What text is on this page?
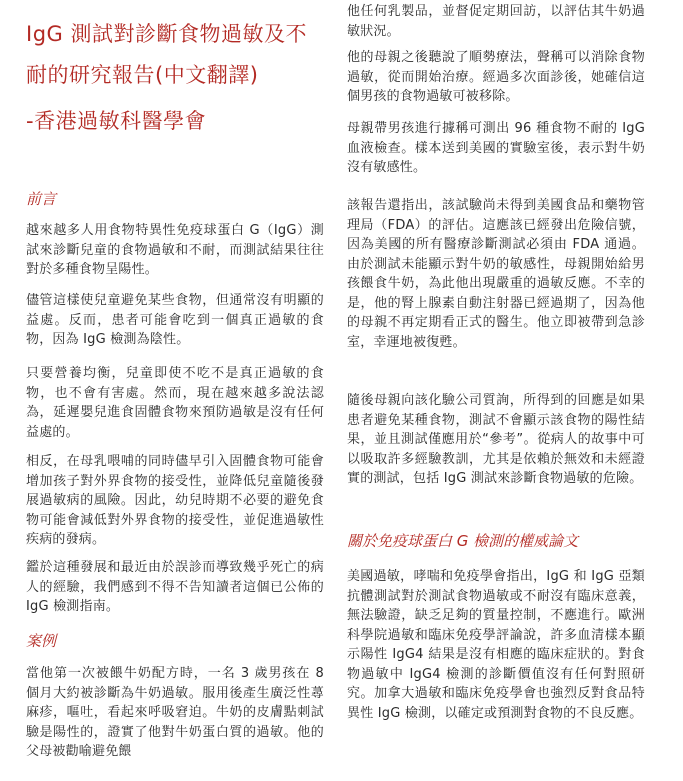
IgG 測試對診斷食物過敏及不
耐的研究報告(中文翻譯)
-香港過敏科醫學會
前言

越來越多人用食物特異性免疫球蛋白 G（IgG）測試來診斷兒童的食物過敏和不耐，而測試結果往往對於多種食物呈陽性。

儘管這樣使兒童避免某些食物，但通常沒有明顯的益處。反而，患者可能會吃到一個真正過敏的食物，因為 IgG 檢測為陰性。

只要營養均衡，兒童即使不吃不是真正過敏的食物，也不會有害處。然而，現在越來越多說法認為，延遲嬰兒進食固體食物來預防過敏是沒有任何益處的。

相反，在母乳喂哺的同時儘早引入固體食物可能會增加孩子對外界食物的接受性，並降低兒童隨後發展過敏病的風險。因此，幼兒時期不必要的避免食物可能會減低對外界食物的接受性，並促進過敏性疾病的發病。

鑑於這種發展和最近由於誤診而導致幾乎死亡的病人的經驗，我們感到不得不告知讀者這個已公佈的 IgG 檢測指南。

案例

當他第一次被餵牛奶配方時，一名 3 歲男孩在 8 個月大約被診斷為牛奶過敏。服用後產生廣泛性蕁麻疹，嘔吐，看起來呼吸窘迫。牛奶的皮膚點刺試驗是陽性的，證實了他對牛奶蛋白質的過敏。他的父母被勸喻避免餵

他任何乳製品，並督促定期回訪，以評估其牛奶過敏狀況。

他的母親之後聽說了順勢療法，聲稱可以消除食物過敏，從而開始治療。經過多次面診後，她確信這個男孩的食物過敏可被移除。

母親帶男孩進行據稱可測出 96 種食物不耐的 IgG 血液檢查。樣本送到美國的實驗室後，表示對牛奶沒有敏感性。

該報告還指出，該試驗尚未得到美國食品和藥物管理局（FDA）的評估。這應該已經發出危險信號，因為美國的所有醫療診斷測試必須由 FDA 通過。由於測試未能顯示對牛奶的敏感性，母親開始給男孩餵食牛奶，為此他出現嚴重的過敏反應。不幸的是，他的腎上腺素自動注射器已經過期了，因為他的母親不再定期看正式的醫生。他立即被帶到急診室，幸運地被復甦。

隨後母親向該化驗公司質詢，所得到的回應是如果患者避免某種食物，測試不會顯示該食物的陽性結果，並且測試僅應用於“參考”。從病人的故事中可以吸取許多經驗教訓，尤其是依賴於無效和未經證實的測試，包括 IgG 測試來診斷食物過敏的危險。

關於免疫球蛋白 G 檢測的權威論文

美國過敏，哮喘和免疫學會指出，IgG 和 IgG 亞類抗體測試對於測試食物過敏或不耐沒有臨床意義，無法驗證，缺乏足夠的質量控制，不應進行。歐洲科學院過敏和臨床免疫學評論說，許多血清樣本顯示陽性 IgG4 結果是沒有相應的臨床症狀的。對食物過敏中 IgG4 檢測的診斷價值沒有任何對照研究。加拿大過敏和臨床免疫學會也強烈反對食品特異性 IgG 檢測，以確定或預測對食物的不良反應。
